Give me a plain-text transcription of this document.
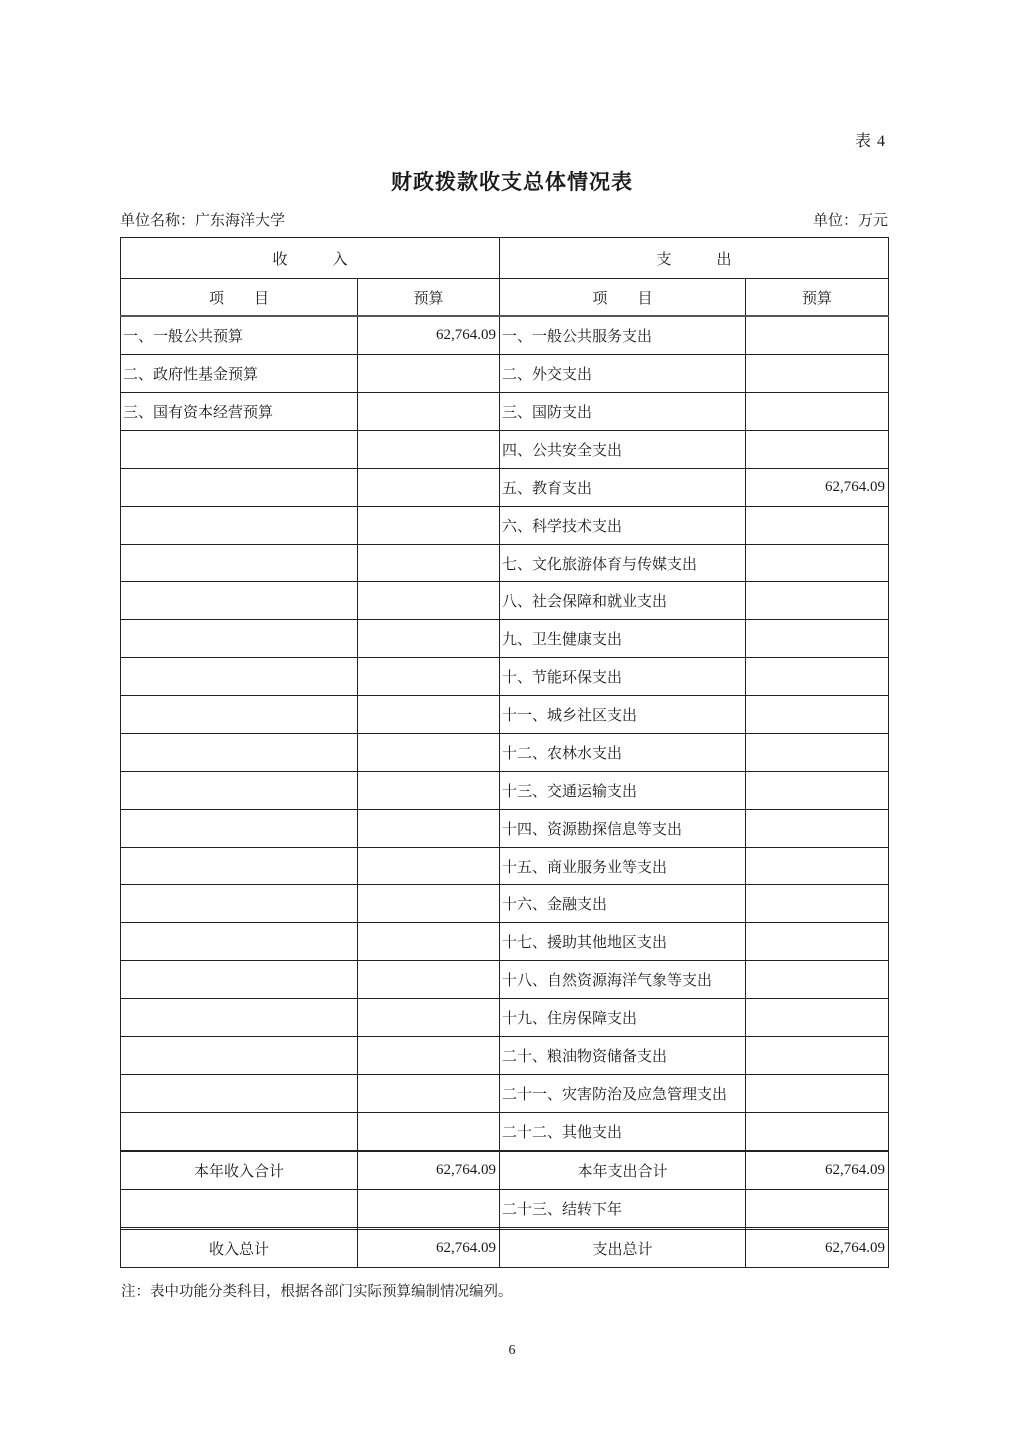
表 4
财政拨款收支总体情况表
单位名称：广东海洋大学	单位：万元
收　　　入		支　　　出	
项　　目	预算	项　　目	预算
一、一般公共预算	62,764.09	一、一般公共服务支出	
二、政府性基金预算		二、外交支出	
三、国有资本经营预算		三、国防支出	
		四、公共安全支出	
		五、教育支出	62,764.09
		六、科学技术支出	
		七、文化旅游体育与传媒支出	
		八、社会保障和就业支出	
		九、卫生健康支出	
		十、节能环保支出	
		十一、城乡社区支出	
		十二、农林水支出	
		十三、交通运输支出	
		十四、资源勘探信息等支出	
		十五、商业服务业等支出	
		十六、金融支出	
		十七、援助其他地区支出	
		十八、自然资源海洋气象等支出	
		十九、住房保障支出	
		二十、粮油物资储备支出	
		二十一、灾害防治及应急管理支出	
		二十二、其他支出	

本年收入合计	62,764.09	本年支出合计	62,764.09
		二十三、结转下年	

收入总计	62,764.09	支出总计	62,764.09
注：表中功能分类科目，根据各部门实际预算编制情况编列。
6
